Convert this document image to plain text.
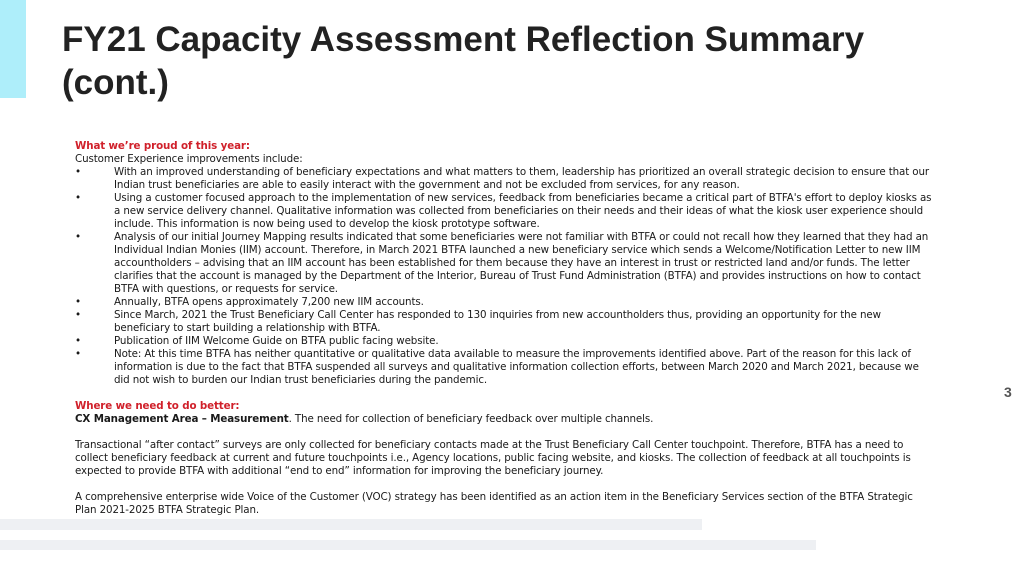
FY21 Capacity Assessment Reflection Summary (cont.)

What we’re proud of this year:

Customer Experience improvements include:

•	With an improved understanding of beneficiary expectations and what matters to them, leadership has prioritized an overall strategic decision to ensure that our Indian trust beneficiaries are able to easily interact with the government and not be excluded from services, for any reason.
•	Using a customer focused approach to the implementation of new services, feedback from beneficiaries became a critical part of BTFA's effort to deploy kiosks as a new service delivery channel. Qualitative information was collected from beneficiaries on their needs and their ideas of what the kiosk user experience should include. This information is now being used to develop the kiosk prototype software.
•	Analysis of our initial Journey Mapping results indicated that some beneficiaries were not familiar with BTFA or could not recall how they learned that they had an Individual Indian Monies (IIM) account. Therefore, in March 2021 BTFA launched a new beneficiary service which sends a Welcome/Notification Letter to new IIM accountholders – advising that an IIM account has been established for them because they have an interest in trust or restricted land and/or funds. The letter clarifies that the account is managed by the Department of the Interior, Bureau of Trust Fund Administration (BTFA) and provides instructions on how to contact BTFA with questions, or requests for service.
•	Annually, BTFA opens approximately 7,200 new IIM accounts.
•	Since March, 2021 the Trust Beneficiary Call Center has responded to 130 inquiries from new accountholders thus, providing an opportunity for the new beneficiary to start building a relationship with BTFA.
•	Publication of IIM Welcome Guide on BTFA public facing website.
•	Note: At this time BTFA has neither quantitative or qualitative data available to measure the improvements identified above. Part of the reason for this lack of information is due to the fact that BTFA suspended all surveys and qualitative information collection efforts, between March 2020 and March 2021, because we did not wish to burden our Indian trust beneficiaries during the pandemic.

Where we need to do better:

CX Management Area – Measurement. The need for collection of beneficiary feedback over multiple channels.

Transactional “after contact” surveys are only collected for beneficiary contacts made at the Trust Beneficiary Call Center touchpoint. Therefore, BTFA has a need to collect beneficiary feedback at current and future touchpoints i.e., Agency locations, public facing website, and kiosks. The collection of feedback at all touchpoints is expected to provide BTFA with additional “end to end” information for improving the beneficiary journey.

A comprehensive enterprise wide Voice of the Customer (VOC) strategy has been identified as an action item in the Beneficiary Services section of the BTFA Strategic Plan 2021-2025 BTFA Strategic Plan.

3
